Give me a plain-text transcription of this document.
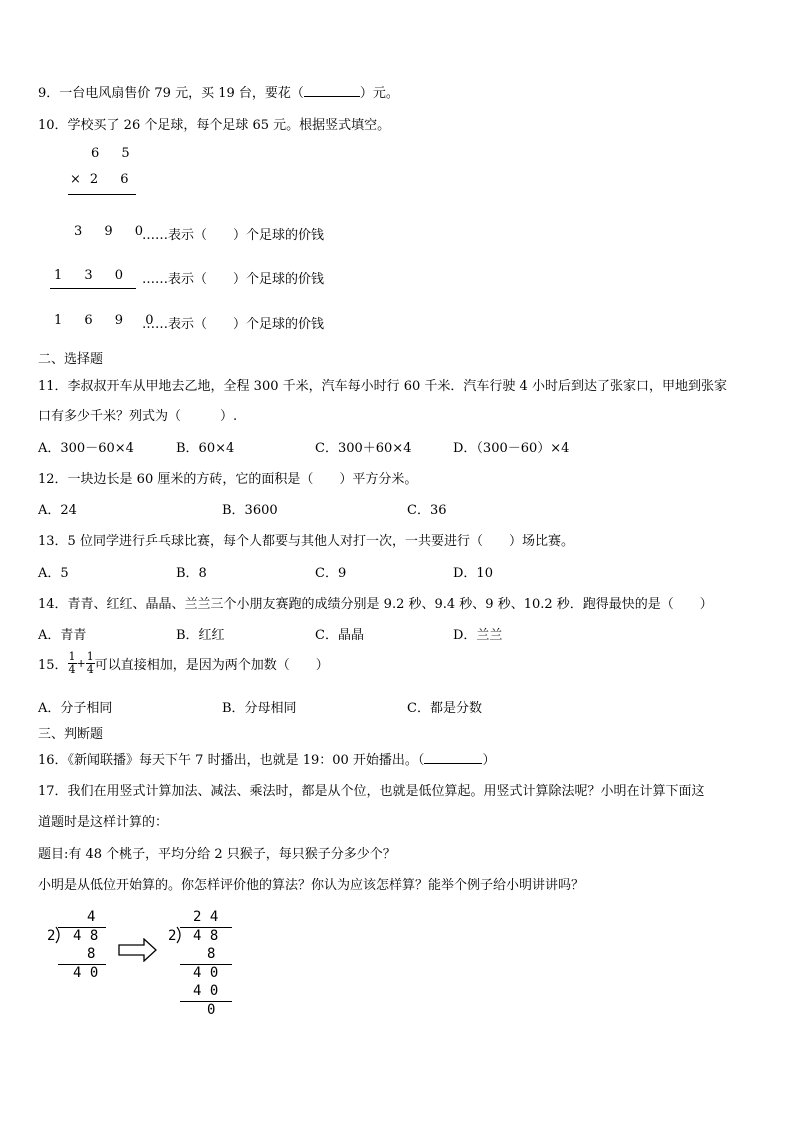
9．一台电风扇售价 79 元，买 19 台，要花（	）元。
10．学校买了 26 个足球，每个足球 65 元。根据竖式填空。
6 5
×2 6
3 9 0
……表示（　　）个足球的价钱
1 3 0 ……表示（　　）个足球的价钱
1 6 9 0
……表示（　　）个足球的价钱
二、选择题
11．李叔叔开车从甲地去乙地，全程 300 千米，汽车每小时行 60 千米．汽车行驶 4 小时后到达了张家口，甲地到张家
口有多少千米？列式为（　　　）.
A．300－60×4	B．60×4	C．300＋60×4	D．（300－60）×4
12．一块边长是 60 厘米的方砖，它的面积是（　　）平方分米。
A．24	B．3600	C．36
13．5 位同学进行乒乓球比赛，每个人都要与其他人对打一次，一共要进行（　　）场比赛。
A．5	B．8	C．9	D．10
14．青青、红红、晶晶、兰兰三个小朋友赛跑的成绩分别是 9.2 秒、9.4 秒、9 秒、10.2 秒．跑得最快的是（　　）
A．青青	B．红红	C．晶晶	D．兰兰
15． $\frac{1}{4} + \frac{1}{4}$ 可以直接相加，是因为两个加数（　　）
A．分子相同	B．分母相同	C．都是分数
三、判断题
16．《新闻联播》每天下午 7 时播出，也就是 19：00 开始播出。（	）
17．我们在用竖式计算加法、减法、乘法时，都是从个位，也就是低位算起。用竖式计算除法呢？小明在计算下面这
道题时是这样计算的：
题目:有 48 个桃子，平均分给 2 只猴子，每只猴子分多少个？
小明是从低位开始算的。你怎样评价他的算法？你认为应该怎样算？能举个例子给小明讲讲吗？
4
2 4 8
8
4 0
2 4
2 4 8
8
4 0
4 0
0
